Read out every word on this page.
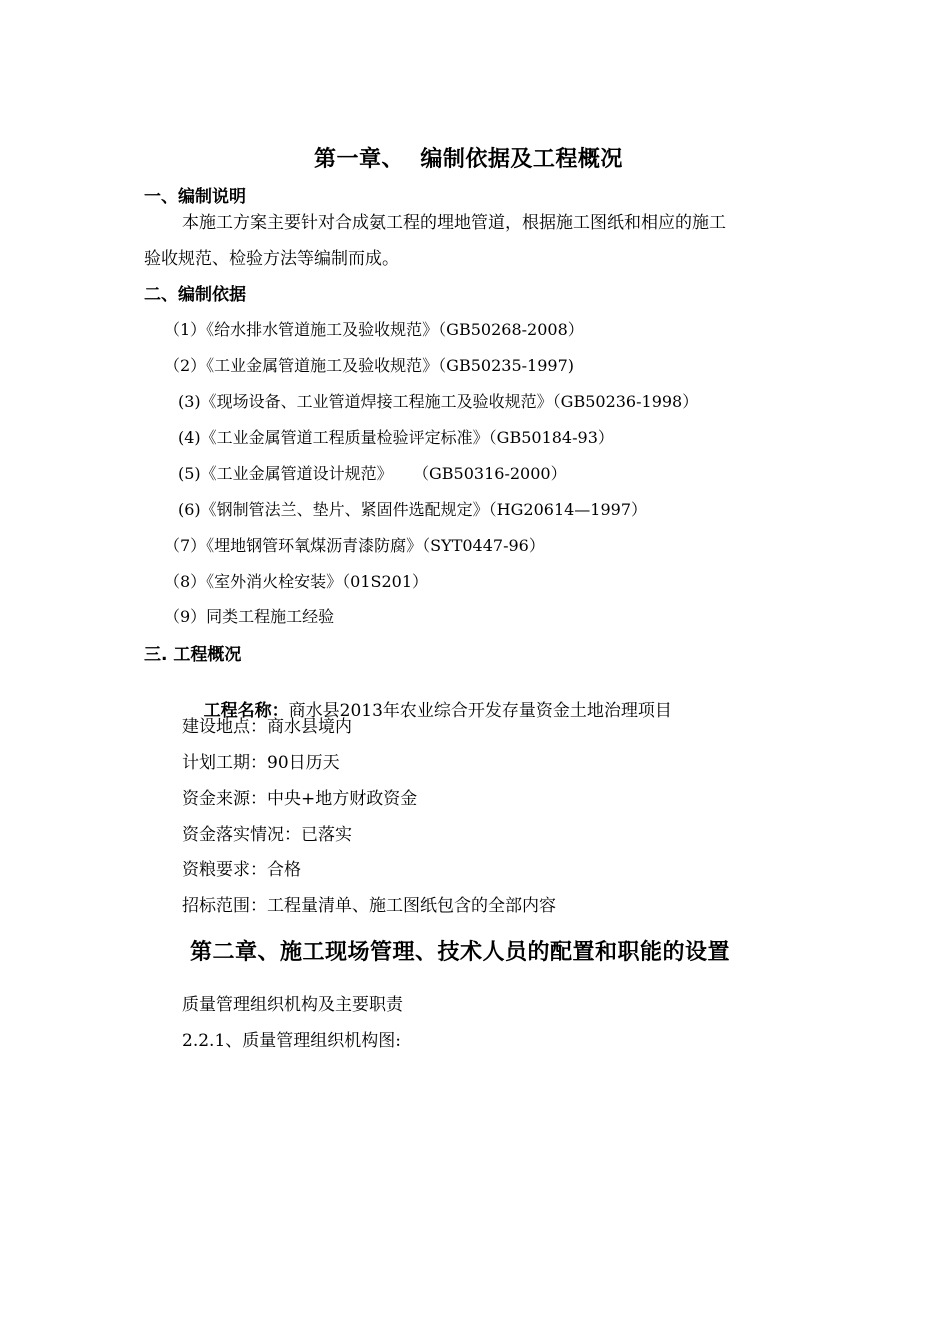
第一章、  编制依据及工程概况
一、编制说明
本施工方案主要针对合成氨工程的埋地管道，根据施工图纸和相应的施工
验收规范、检验方法等编制而成。
二、编制依据
（1）《给水排水管道施工及验收规范》（GB50268-2008）
（2）《工业金属管道施工及验收规范》（GB50235-1997)
(3)《现场设备、工业管道焊接工程施工及验收规范》（GB50236-1998）
(4)《工业金属管道工程质量检验评定标准》（GB50184-93）
(5)《工业金属管道设计规范》    （GB50316-2000）
(6)《钢制管法兰、垫片、紧固件选配规定》（HG20614—1997）
（7）《埋地钢管环氧煤沥青漆防腐》（SYT0447-96）
（8）《室外消火栓安装》（01S201）
（9）同类工程施工经验
三. 工程概况

工程名称：商水县2013年农业综合开发存量资金土地治理项目

建设地点：商水县境内
计划工期：90日历天
资金来源：中央+地方财政资金
资金落实情况：已落实
资粮要求：合格
招标范围：工程量清单、施工图纸包含的全部内容
第二章、施工现场管理、技术人员的配置和职能的设置
质量管理组织机构及主要职责
2.2.1、质量管理组织机构图:
